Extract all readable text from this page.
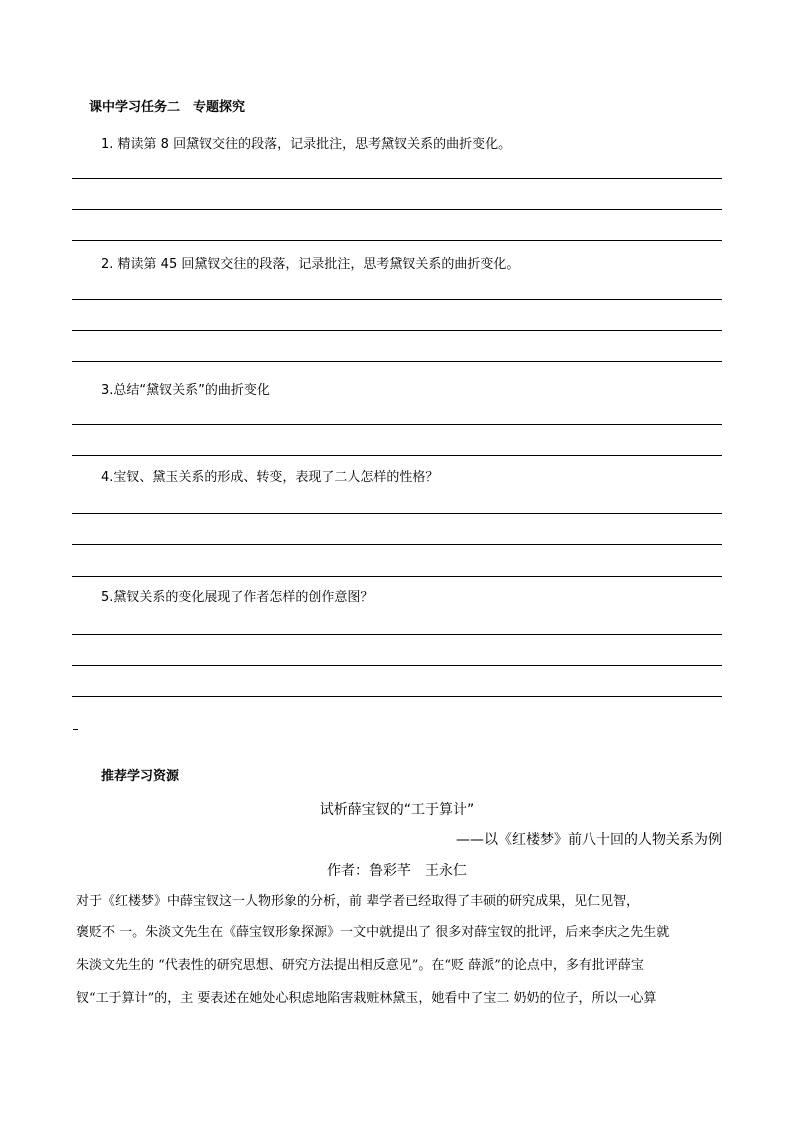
课中学习任务二　专题探究
1. 精读第 8 回黛钗交往的段落，记录批注，思考黛钗关系的曲折变化。
2. 精读第 45 回黛钗交往的段落，记录批注，思考黛钗关系的曲折变化。
3.总结“黛钗关系”的曲折变化
4.宝钗、黛玉关系的形成、转变，表现了二人怎样的性格？
5.黛钗关系的变化展现了作者怎样的创作意图？
推荐学习资源
试析薛宝钗的“工于算计”
——以《红楼梦》前八十回的人物关系为例
作者：鲁彩芊　王永仁
对于《红楼梦》中薛宝钗这一人物形象的分析，前 辈学者已经取得了丰硕的研究成果，见仁见智，
褒贬不 一。朱淡文先生在《薛宝钗形象探源》一文中就提出了 很多对薛宝钗的批评，后来李庆之先生就
朱淡文先生的 “代表性的研究思想、研究方法提出相反意见”。在“贬 薛派”的论点中，多有批评薛宝
钗“工于算计”的，主 要表述在她处心积虑地陷害栽赃林黛玉，她看中了宝二 奶奶的位子，所以一心算
